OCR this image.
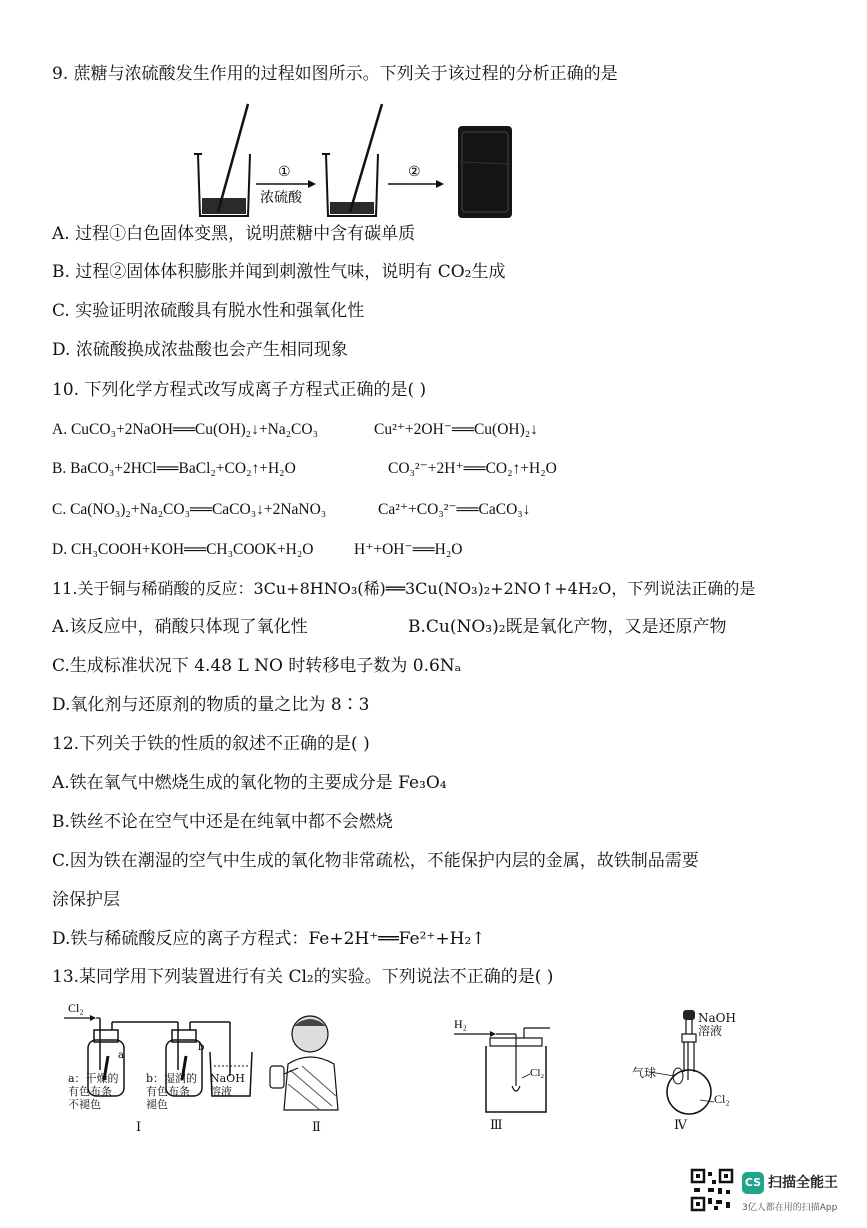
9. 蔗糖与浓硫酸发生作用的过程如图所示。下列关于该过程的分析正确的是
①
浓硫酸
②
A. 过程①白色固体变黑，说明蔗糖中含有碳单质
B. 过程②固体体积膨胀并闻到刺激性气味，说明有 CO₂生成
C. 实验证明浓硫酸具有脱水性和强氧化性
D. 浓硫酸换成浓盐酸也会产生相同现象
10. 下列化学方程式改写成离子方程式正确的是( )
A. CuCO₃+2NaOH══Cu(OH)₂↓+Na₂CO₃	Cu²⁺+2OH⁻══Cu(OH)₂↓
B. BaCO₃+2HCl══BaCl₂+CO₂↑+H₂O	CO₃²⁻+2H⁺══CO₂↑+H₂O
C. Ca(NO₃)₂+Na₂CO₃══CaCO₃↓+2NaNO₃	Ca²⁺+CO₃²⁻══CaCO₃↓
D. CH₃COOH+KOH══CH₃COOK+H₂O	H⁺+OH⁻══H₂O
11.关于铜与稀硝酸的反应：3Cu+8HNO₃(稀)══3Cu(NO₃)₂+2NO↑+4H₂O，下列说法正确的是
A.该反应中，硝酸只体现了氧化性	B.Cu(NO₃)₂既是氧化产物，又是还原产物
C.生成标准状况下 4.48 L NO 时转移电子数为 0.6Nₐ
D.氧化剂与还原剂的物质的量之比为 8∶3
12.下列关于铁的性质的叙述不正确的是( )
A.铁在氧气中燃烧生成的氧化物的主要成分是 Fe₃O₄
B.铁丝不论在空气中还是在纯氧中都不会燃烧
C.因为铁在潮湿的空气中生成的氧化物非常疏松，不能保护内层的金属，故铁制品需要
涂保护层
D.铁与稀硫酸反应的离子方程式：Fe+2H⁺══Fe²⁺+H₂↑
13.某同学用下列装置进行有关 Cl₂的实验。下列说法不正确的是( )
Cl₂
a
b
a：干燥的
有色布条
不褪色
b：湿润的
有色布条
褪色
NaOH
溶液
Ⅰ	Ⅱ
H₂
Cl₂
Ⅲ
NaOH
溶液
气球
Cl₂
Ⅳ
CS 扫描全能王
3亿人都在用的扫描App
